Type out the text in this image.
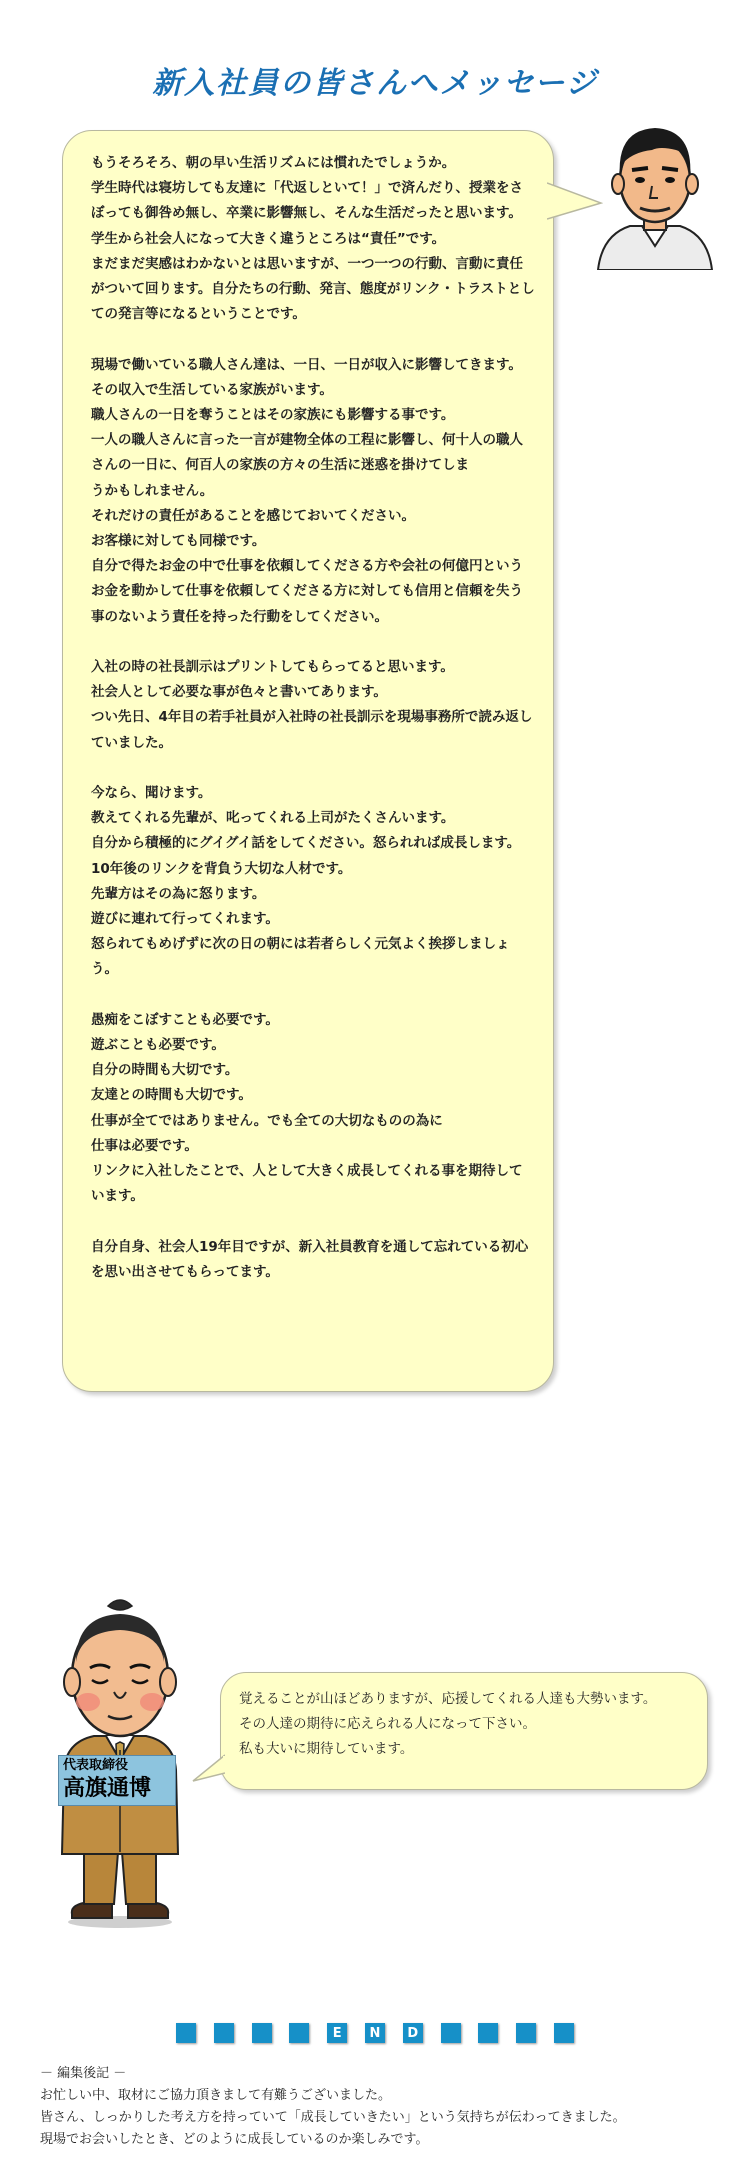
新入社員の皆さんへメッセージ

もうそろそろ、朝の早い生活リズムには慣れたでしょうか。

学生時代は寝坊しても友達に「代返しといて！」で済んだり、授業をさぼっても御咎め無し、卒業に影響無し、そんな生活だったと思います。

学生から社会人になって大きく違うところは“責任”です。

まだまだ実感はわかないとは思いますが、一つ一つの行動、言動に責任がついて回ります。自分たちの行動、発言、態度がリンク・トラストとしての発言等になるということです。

現場で働いている職人さん達は、一日、一日が収入に影響してきます。その収入で生活している家族がいます。

職人さんの一日を奪うことはその家族にも影響する事です。

一人の職人さんに言った一言が建物全体の工程に影響し、何十人の職人さんの一日に、何百人の家族の方々の生活に迷惑を掛けてしま

うかもしれません。

それだけの責任があることを感じておいてください。

お客様に対しても同様です。

自分で得たお金の中で仕事を依頼してくださる方や会社の何億円というお金を動かして仕事を依頼してくださる方に対しても信用と信頼を失う事のないよう責任を持った行動をしてください。

入社の時の社長訓示はプリントしてもらってると思います。

社会人として必要な事が色々と書いてあります。

つい先日、4年目の若手社員が入社時の社長訓示を現場事務所で読み返していました。

今なら、聞けます。

教えてくれる先輩が、叱ってくれる上司がたくさんいます。

自分から積極的にグイグイ話をしてください。怒られれば成長します。

10年後のリンクを背負う大切な人材です。

先輩方はその為に怒ります。

遊びに連れて行ってくれます。

怒られてもめげずに次の日の朝には若者らしく元気よく挨拶しましょう。

愚痴をこぼすことも必要です。

遊ぶことも必要です。

自分の時間も大切です。

友達との時間も大切です。

仕事が全てではありません。でも全ての大切なものの為に

仕事は必要です。

リンクに入社したことで、人として大きく成長してくれる事を期待しています。

自分自身、社会人19年目ですが、新入社員教育を通して忘れている初心を思い出させてもらってます。

代表取締役
高旗通博

覚えることが山ほどありますが、応援してくれる人達も大勢います。

その人達の期待に応えられる人になって下さい。

私も大いに期待しています。

E	N	D

－ 編集後記 －

お忙しい中、取材にご協力頂きまして有難うございました。

皆さん、しっかりした考え方を持っていて「成長していきたい」という気持ちが伝わってきました。

現場でお会いしたとき、どのように成長しているのか楽しみです。
